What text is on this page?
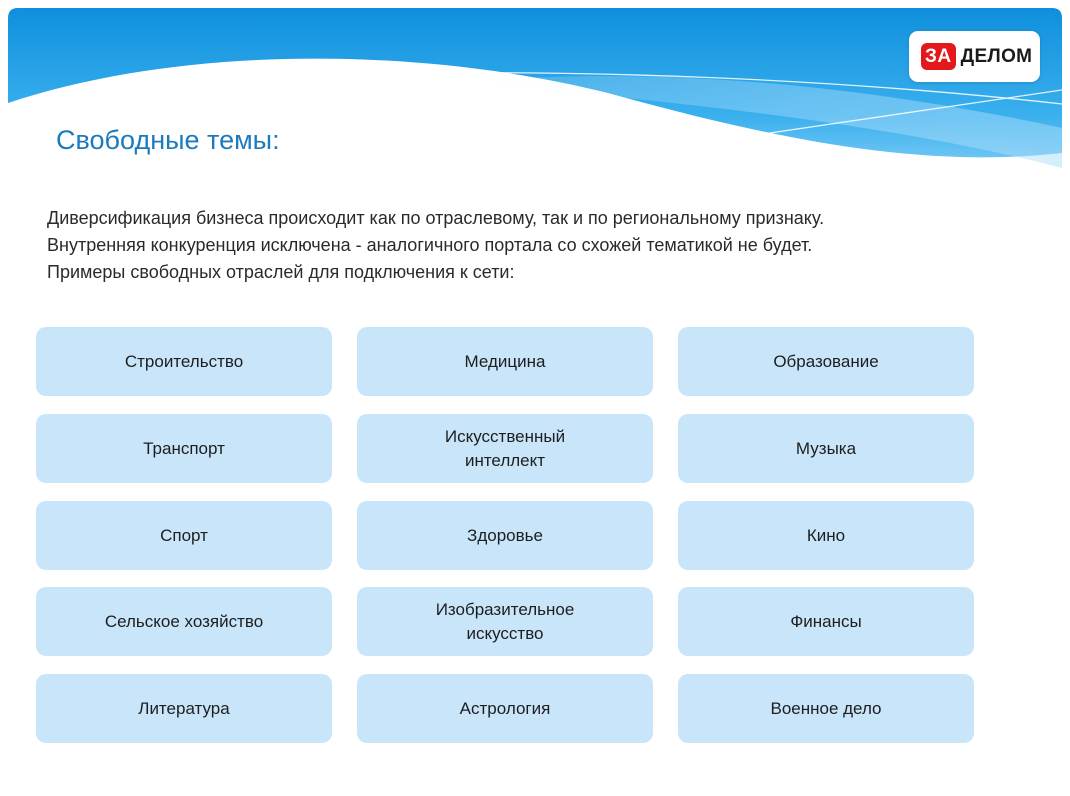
ЗА ДЕЛОМ
Свободные темы:

Диверсификация бизнеса происходит как по отраслевому, так и по региональному признаку.

Внутренняя конкуренция исключена - аналогичного портала со схожей тематикой не будет.

Примеры свободных отраслей для подключения к сети:

Строительство	Медицина	Образование
Транспорт
Искусственный
интеллект
Музыка
Спорт	Здоровье	Кино
Сельское хозяйство
Изобразительное
искусство
Финансы
Литература	Астрология	Военное дело
